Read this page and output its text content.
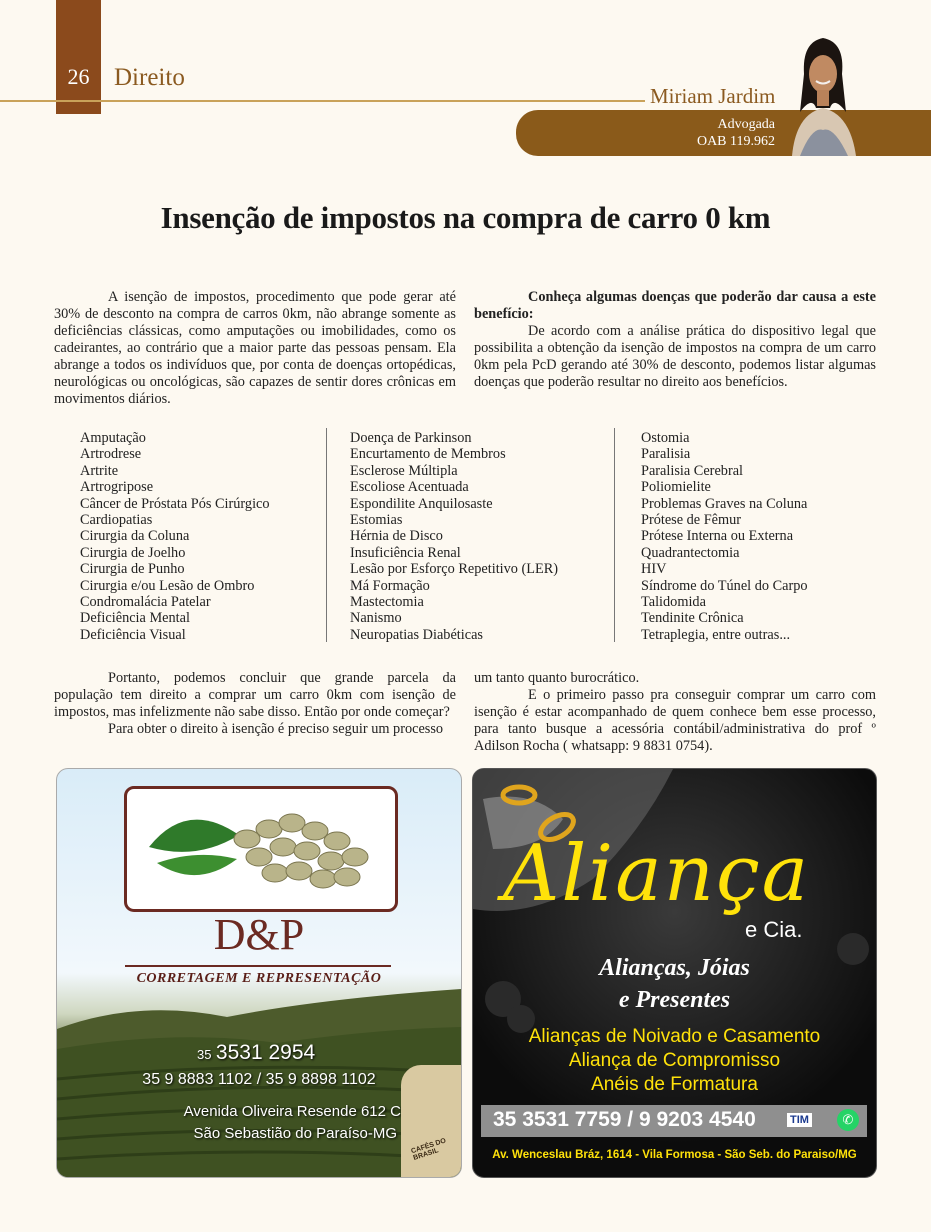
26 Direito
Miriam Jardim
Advogada
OAB 119.962
Insenção de impostos na compra de carro 0 km

A isenção de impostos, procedimento que pode gerar até 30% de desconto na compra de carros 0km, não abrange somente as deficiências clássicas, como amputações ou imobilidades, como os cadeirantes, ao contrário que a maior parte das pessoas pensam. Ela abrange a todos os indivíduos que, por conta de doenças ortopédicas, neurológicas ou oncológicas, são capazes de sentir dores crônicas em movimentos diários.

Conheça algumas doenças que poderão dar causa a este benefício:

De acordo com a análise prática do dispositivo legal que possibilita a obtenção da isenção de impostos na compra de um carro 0km pela PcD gerando até 30% de desconto, podemos listar algumas doenças que poderão resultar no direito aos benefícios.

Amputação
Artrodrese
Artrite
Artrogripose
Câncer de Próstata Pós Cirúrgico
Cardiopatias
Cirurgia da Coluna
Cirurgia de Joelho
Cirurgia de Punho
Cirurgia e/ou Lesão de Ombro
Condromalácia Patelar
Deficiência Mental
Deficiência Visual
Doença de Parkinson
Encurtamento de Membros
Esclerose Múltipla
Escoliose Acentuada
Espondilite Anquilosaste
Estomias
Hérnia de Disco
Insuficiência Renal
Lesão por Esforço Repetitivo (LER)
Má Formação
Mastectomia
Nanismo
Neuropatias Diabéticas
Ostomia
Paralisia
Paralisia Cerebral
Poliomielite
Problemas Graves na Coluna
Prótese de Fêmur
Prótese Interna ou Externa
Quadrantectomia
HIV
Síndrome do Túnel do Carpo
Talidomida
Tendinite Crônica
Tetraplegia, entre outras...

Portanto, podemos concluir que grande parcela da população tem direito a comprar um carro 0km com isenção de impostos, mas infelizmente não sabe disso. Então por onde começar?

Para obter o direito à isenção é preciso seguir um processo

um tanto quanto burocrático.

E o primeiro passo pra conseguir comprar um carro com isenção é estar acompanhado de quem conhece bem esse processo, para tanto busque a acessória contábil/administrativa do prof º Adilson Rocha ( whatsapp: 9 8831 0754).

D&P
CORRETAGEM E REPRESENTAÇÃO
35 3531 2954
35 9 8883 1102 / 35 9 8898 1102
Avenida Oliveira Resende 612 C
São Sebastião do Paraíso-MG
CAFÉS DO BRASIL
Aliança
e Cia.
Alianças, Jóias
e Presentes
Alianças de Noivado e Casamento
Aliança de Compromisso
Anéis de Formatura
35 3531 7759 / 9 9203 4540	TIM	✆
Av. Wenceslau Bráz, 1614 - Vila Formosa - São Seb. do Paraiso/MG
